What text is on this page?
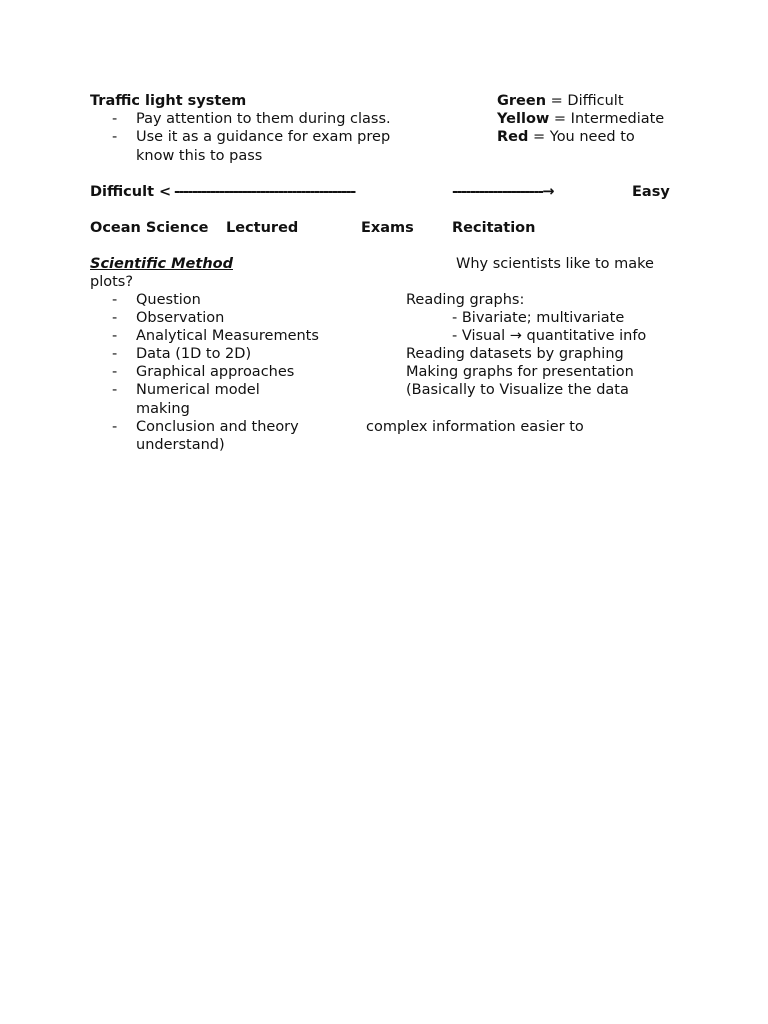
Traffic light system
- Pay attention to them during class.
- Use it as a guidance for exam prep
know this to pass
Green = Difficult
Yellow = Intermediate
Red = You need to
Difficult < ----------------------------------------	--------------------→	Easy
Ocean Science Lectured	Exams	Recitation
Scientific Method	Why scientists like to make
plots?
- Question
- Observation
- Analytical Measurements
- Data (1D to 2D)
- Graphical approaches
- Numerical model
making
- Conclusion and theory
understand)
Reading graphs:
- Bivariate; multivariate
- Visual → quantitative info
Reading datasets by graphing
Making graphs for presentation
(Basically to Visualize the data
complex information easier to
